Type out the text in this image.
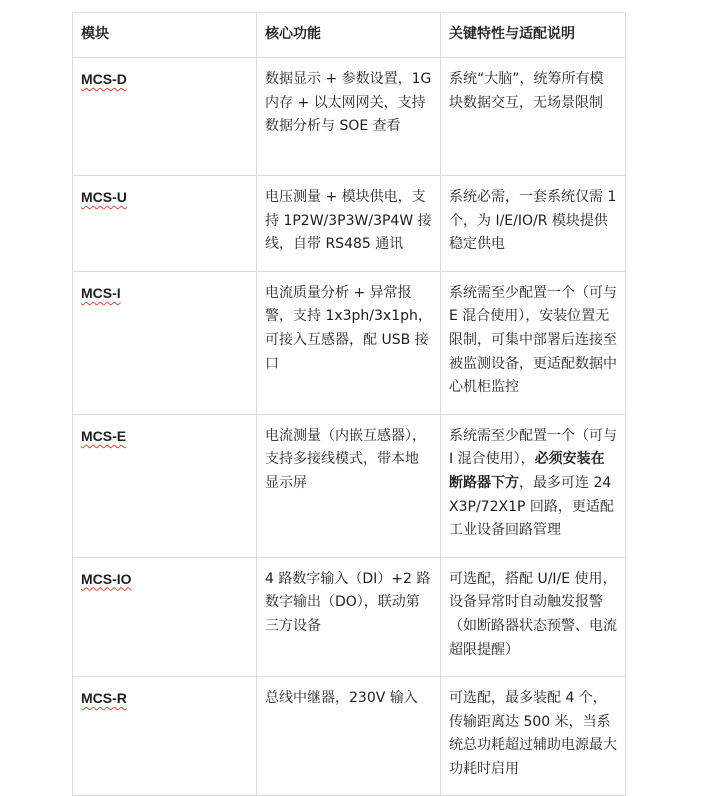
模块	核心功能	关键特性与适配说明
MCS-D	数据显示 + 参数设置，1G 内存 + 以太网网关，支持数据分析与 SOE 查看	系统“大脑”，统筹所有模块数据交互，无场景限制
MCS-U	电压测量 + 模块供电，支持 1P2W/3P3W/3P4W 接线，自带 RS485 通讯	系统必需，一套系统仅需 1 个，为 I/E/IO/R 模块提供稳定供电
MCS-I	电流质量分析 + 异常报警，支持 1x3ph/3x1ph，可接入互感器，配 USB 接口	系统需至少配置一个（可与 E 混合使用），安装位置无限制，可集中部署后连接至被监测设备，更适配数据中心机柜监控
MCS-E	电流测量（内嵌互感器），支持多接线模式，带本地显示屏	系统需至少配置一个（可与 I 混合使用），必须安装在断路器下方，最多可连 24X3P/72X1P 回路，更适配工业设备回路管理
MCS-IO	4 路数字输入（DI）+2 路数字输出（DO），联动第三方设备	可选配，搭配 U/I/E 使用，设备异常时自动触发报警（如断路器状态预警、电流超限提醒）
MCS-R	总线中继器，230V 输入	可选配，最多装配 4 个，传输距离达 500 米，当系统总功耗超过辅助电源最大功耗时启用
